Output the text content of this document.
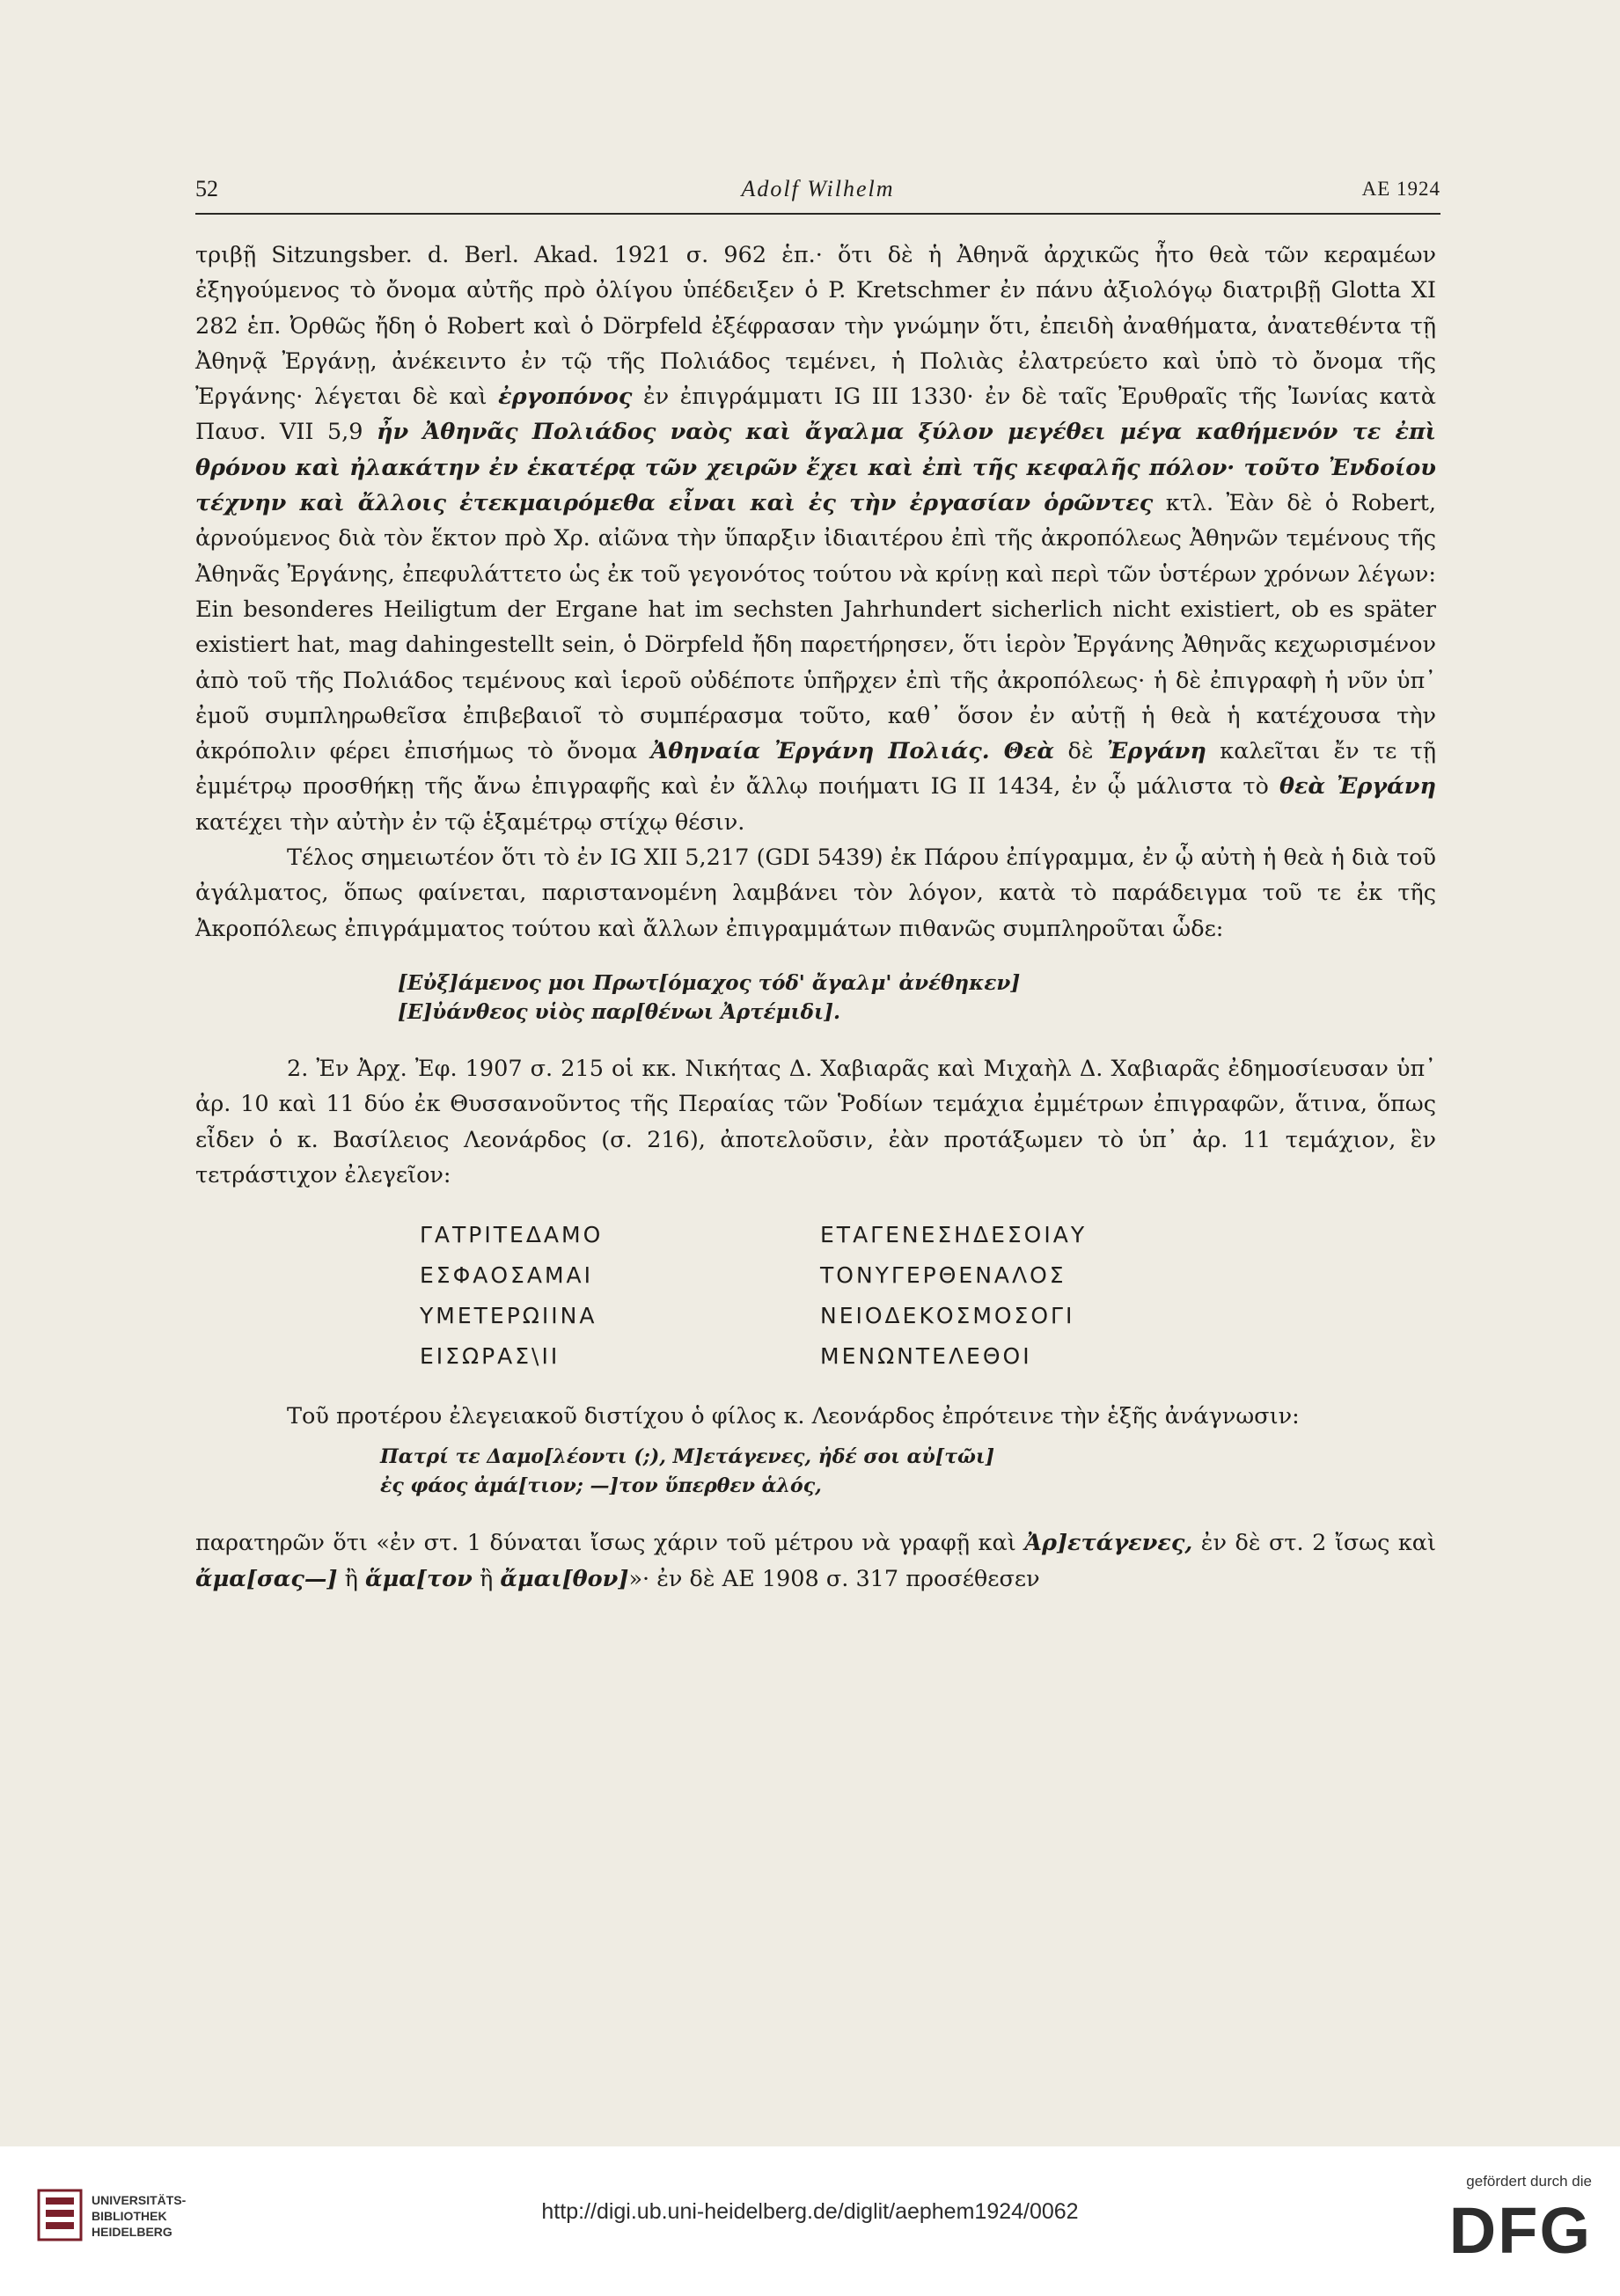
52	Adolf Wilhelm	AE 1924

τριβῇ Sitzungsber. d. Berl. Akad. 1921 σ. 962 ἑπ.· ὅτι δὲ ἡ Ἀθηνᾶ ἀρχικῶς ἦτο θεὰ τῶν κεραμέων ἐξηγούμενος τὸ ὄνομα αὐτῆς πρὸ ὀλίγου ὑπέδειξεν ὁ P. Kretschmer ἐν πάνυ ἀξιολόγῳ διατριβῇ Glotta XI 282 ἑπ. Ὀρθῶς ἤδη ὁ Robert καὶ ὁ Dörpfeld ἐξέφρασαν τὴν γνώμην ὅτι, ἐπειδὴ ἀναθήματα, ἀνατεθέντα τῇ Ἀθηνᾷ Ἐργάνῃ, ἀνέκειντο ἐν τῷ τῆς Πολιάδος τεμένει, ἡ Πολιὰς ἐλατρεύετο καὶ ὑπὸ τὸ ὄνομα τῆς Ἐργάνης· λέγεται δὲ καὶ ἐργοπόνος ἐν ἐπιγράμματι IG III 1330· ἐν δὲ ταῖς Ἐρυθραῖς τῆς Ἰωνίας κατὰ Παυσ. VII 5,9 ἦν Ἀθηνᾶς Πολιάδος ναὸς καὶ ἄγαλμα ξύλον μεγέθει μέγα καθήμενόν τε ἐπὶ θρόνου καὶ ἠλακάτην ἐν ἑκατέρᾳ τῶν χειρῶν ἔχει καὶ ἐπὶ τῆς κεφαλῆς πόλον· τοῦτο Ἐνδοίου τέχνην καὶ ἄλλοις ἐτεκμαιρόμεθα εἶναι καὶ ἐς τὴν ἐργασίαν ὁρῶντες κτλ. Ἐὰν δὲ ὁ Robert, ἀρνούμενος διὰ τὸν ἕκτον πρὸ Χρ. αἰῶνα τὴν ὕπαρξιν ἰδιαιτέρου ἐπὶ τῆς ἀκροπόλεως Ἀθηνῶν τεμένους τῆς Ἀθηνᾶς Ἐργάνης, ἐπεφυλάττετο ὡς ἐκ τοῦ γεγονότος τούτου νὰ κρίνῃ καὶ περὶ τῶν ὑστέρων χρόνων λέγων: Ein besonderes Heiligtum der Ergane hat im sechsten Jahrhundert sicherlich nicht existiert, ob es später existiert hat, mag dahingestellt sein, ὁ Dörpfeld ἤδη παρετήρησεν, ὅτι ἱερὸν Ἐργάνης Ἀθηνᾶς κεχωρισμένον ἀπὸ τοῦ τῆς Πολιάδος τεμένους καὶ ἱεροῦ οὐδέποτε ὑπῆρχεν ἐπὶ τῆς ἀκροπόλεως· ἡ δὲ ἐπιγραφὴ ἡ νῦν ὑπ᾽ ἐμοῦ συμπληρωθεῖσα ἐπιβεβαιοῖ τὸ συμπέρασμα τοῦτο, καθ᾽ ὅσον ἐν αὐτῇ ἡ θεὰ ἡ κατέχουσα τὴν ἀκρόπολιν φέρει ἐπισήμως τὸ ὄνομα Ἀθηναία Ἐργάνη Πολιάς. Θεὰ δὲ Ἐργάνη καλεῖται ἔν τε τῇ ἐμμέτρῳ προσθήκῃ τῆς ἄνω ἐπιγραφῆς καὶ ἐν ἄλλῳ ποιήματι IG II 1434, ἐν ᾧ μάλιστα τὸ θεὰ Ἐργάνη κατέχει τὴν αὐτὴν ἐν τῷ ἑξαμέτρῳ στίχῳ θέσιν.

Τέλος σημειωτέον ὅτι τὸ ἐν IG XII 5,217 (GDI 5439) ἐκ Πάρου ἐπίγραμμα, ἐν ᾧ αὐτὴ ἡ θεὰ ἡ διὰ τοῦ ἀγάλματος, ὅπως φαίνεται, παριστανομένη λαμβάνει τὸν λόγον, κατὰ τὸ παράδειγμα τοῦ τε ἐκ τῆς Ἀκροπόλεως ἐπιγράμματος τούτου καὶ ἄλλων ἐπιγραμμάτων πιθανῶς συμπληροῦται ὧδε:

[Εὐξ]άμενος μοι Πρωτ[όμαχος τόδ' ἄγαλμ' ἀνέθηκεν]
[Ε]ὐάνθεος υἱὸς παρ[θένωι Ἀρτέμιδι].

2. Ἐν Ἀρχ. Ἐφ. 1907 σ. 215 οἱ κκ. Νικήτας Δ. Χαβιαρᾶς καὶ Μιχαὴλ Δ. Χαβιαρᾶς ἐδημοσίευσαν ὑπ᾽ ἀρ. 10 καὶ 11 δύο ἐκ Θυσσανοῦντος τῆς Περαίας τῶν Ῥοδίων τεμάχια ἐμμέτρων ἐπιγραφῶν, ἅτινα, ὅπως εἶδεν ὁ κ. Βασίλειος Λεονάρδος (σ. 216), ἀποτελοῦσιν, ἐὰν προτάξωμεν τὸ ὑπ᾽ ἀρ. 11 τεμάχιον, ἓν τετράστιχον ἐλεγεῖον:

ΓΑΤΡΙΤΕΔΑΜΟ	ΕΤΑΓΕΝΕΣΗΔΕΣΟΙΑΥ
ΕΣΦΑΟΣΑΜΑΙ	ΤΟΝΥΓΕΡΘΕΝΑΛΟΣ
ΥΜΕΤΕΡΩΙΙΝΑ	ΝΕΙΟΔΕΚΟΣΜΟΣΟΓΙ
ΕΙΣΩΡΑΣ\ΙΙ	ΜΕΝΩΝΤΕΛΕΘΟΙ

Τοῦ προτέρου ἐλεγειακοῦ διστίχου ὁ φίλος κ. Λεονάρδος ἐπρότεινε τὴν ἑξῆς ἀνάγνωσιν:

Πατρί τε Δαμο[λέοντι (;), Μ]ετάγενες, ἠδέ σοι αὐ[τῶι]
ἐς φάος ἀμά[τιον; —]τον ὕπερθεν ἁλός,

παρατηρῶν ὅτι «ἐν στ. 1 δύναται ἴσως χάριν τοῦ μέτρου νὰ γραφῇ καὶ Ἀρ]ετάγενες, ἐν δὲ στ. 2 ἴσως καὶ ἄμα[σας—] ἢ ἅμα[τον ἢ ἄμαι[θον]»· ἐν δὲ ΑΕ 1908 σ. 317 προσέθεσεν

UNIVERSITÄTS-
BIBLIOTHEK
HEIDELBERG
http://digi.ub.uni-heidelberg.de/diglit/aephem1924/0062
gefördert durch die
DFG
